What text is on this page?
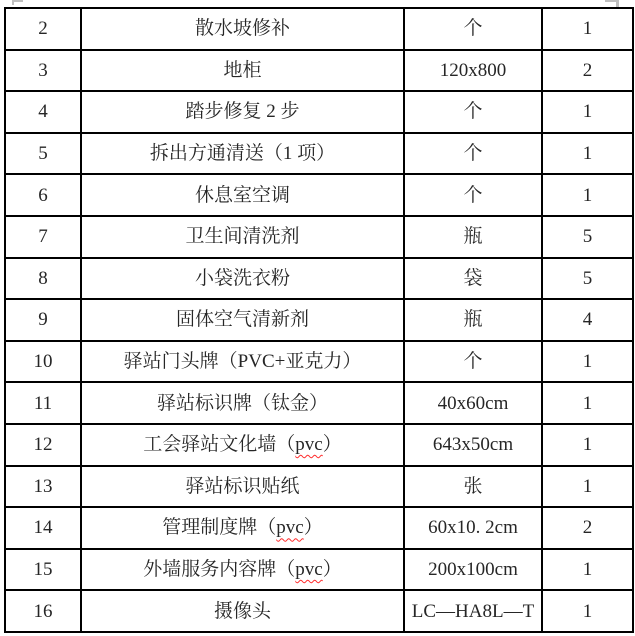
2	散水坡修补	个	1
3	地柜	120x800	2
4	踏步修复 2 步	个	1
5	拆出方通清送（1 项）	个	1
6	休息室空调	个	1
7	卫生间清洗剂	瓶	5
8	小袋洗衣粉	袋	5
9	固体空气清新剂	瓶	4
10	驿站门头牌（PVC+亚克力）	个	1
11	驿站标识牌（钛金）	40x60cm	1
12	工会驿站文化墙（pvc）	643x50cm	1
13	驿站标识贴纸	张	1
14	管理制度牌（pvc）	60x10. 2cm	2
15	外墙服务内容牌（pvc）	200x100cm	1
16	摄像头	LC—HA8L—T	1
